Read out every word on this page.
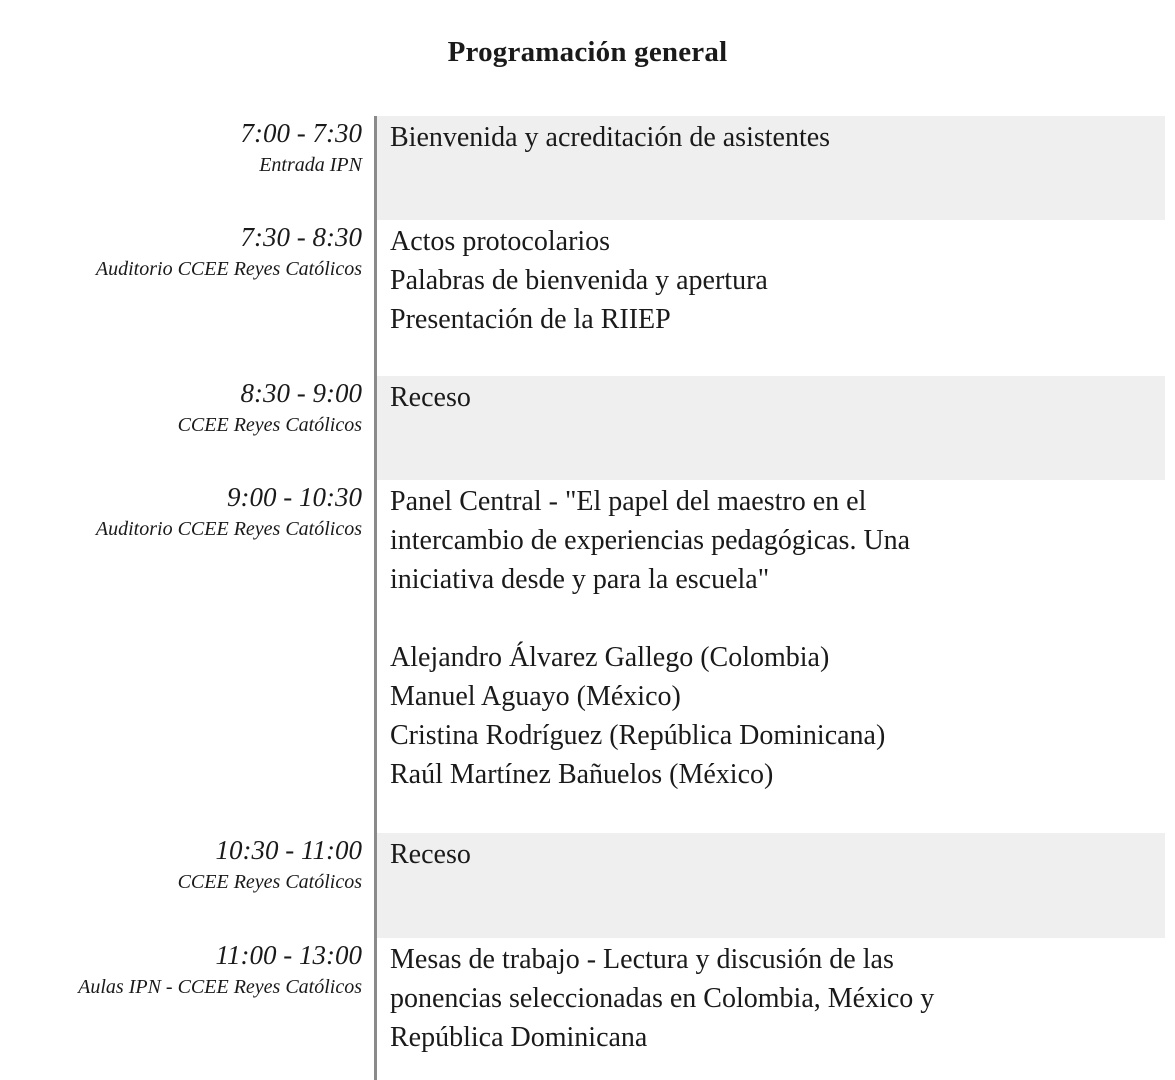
Programación general
7:00 - 7:30
Entrada IPN
Bienvenida y acreditación de asistentes
7:30 - 8:30
Auditorio CCEE Reyes Católicos
Actos protocolarios
Palabras de bienvenida y apertura
Presentación de la RIIEP
8:30 - 9:00
CCEE Reyes Católicos
Receso
9:00 - 10:30
Auditorio CCEE Reyes Católicos
Panel Central - "El papel del maestro en el
intercambio de experiencias pedagógicas. Una
iniciativa desde y para la escuela"
Alejandro Álvarez Gallego (Colombia)
Manuel Aguayo (México)
Cristina Rodríguez (República Dominicana)
Raúl Martínez Bañuelos (México)
10:30 - 11:00
CCEE Reyes Católicos
Receso
11:00 - 13:00
Aulas IPN - CCEE Reyes Católicos
Mesas de trabajo - Lectura y discusión de las
ponencias seleccionadas en Colombia, México y
República Dominicana
